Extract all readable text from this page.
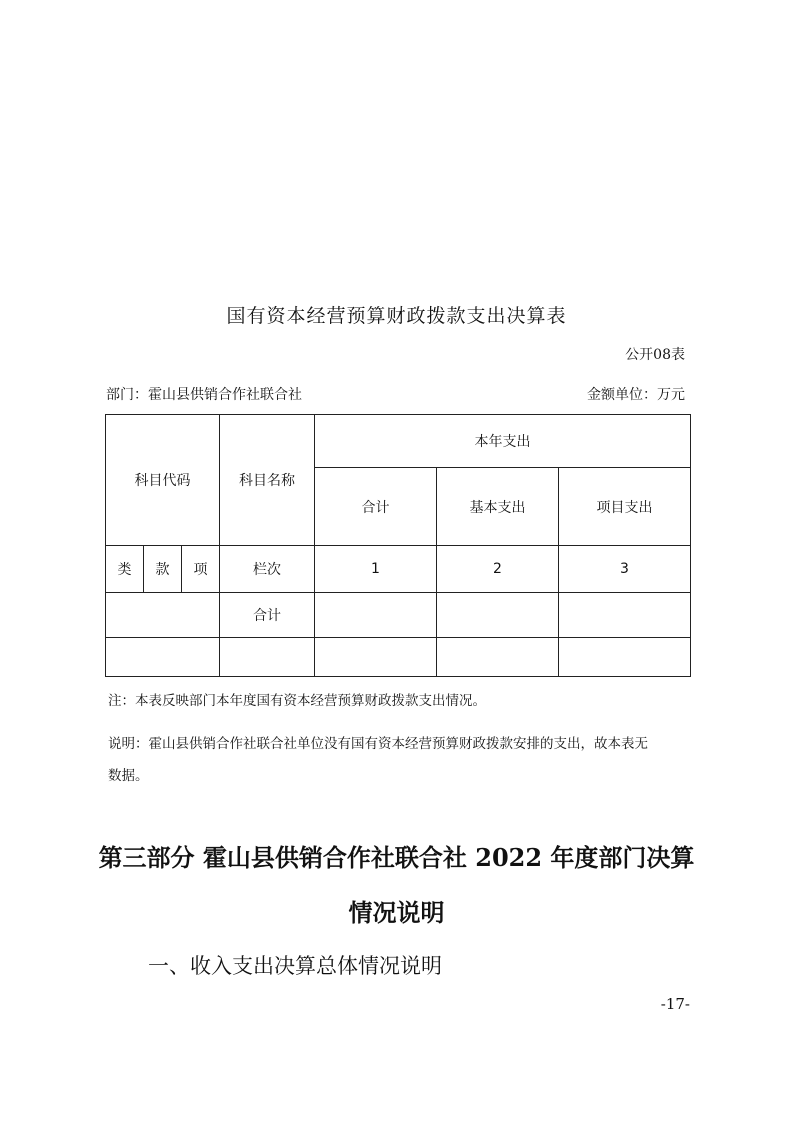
国有资本经营预算财政拨款支出决算表
公开08表
部门：霍山县供销合作社联合社	金额单位：万元
科目代码			科目名称	本年支出		
				合计	基本支出	项目支出
类	款	项	栏次	1	2	3
			合计			

注：本表反映部门本年度国有资本经营预算财政拨款支出情况。
说明：霍山县供销合作社联合社单位没有国有资本经营预算财政拨款安排的支出，故本表无
数据。
第三部分 霍山县供销合作社联合社 2022 年度部门决算
情况说明
一、收入支出决算总体情况说明
-17-
